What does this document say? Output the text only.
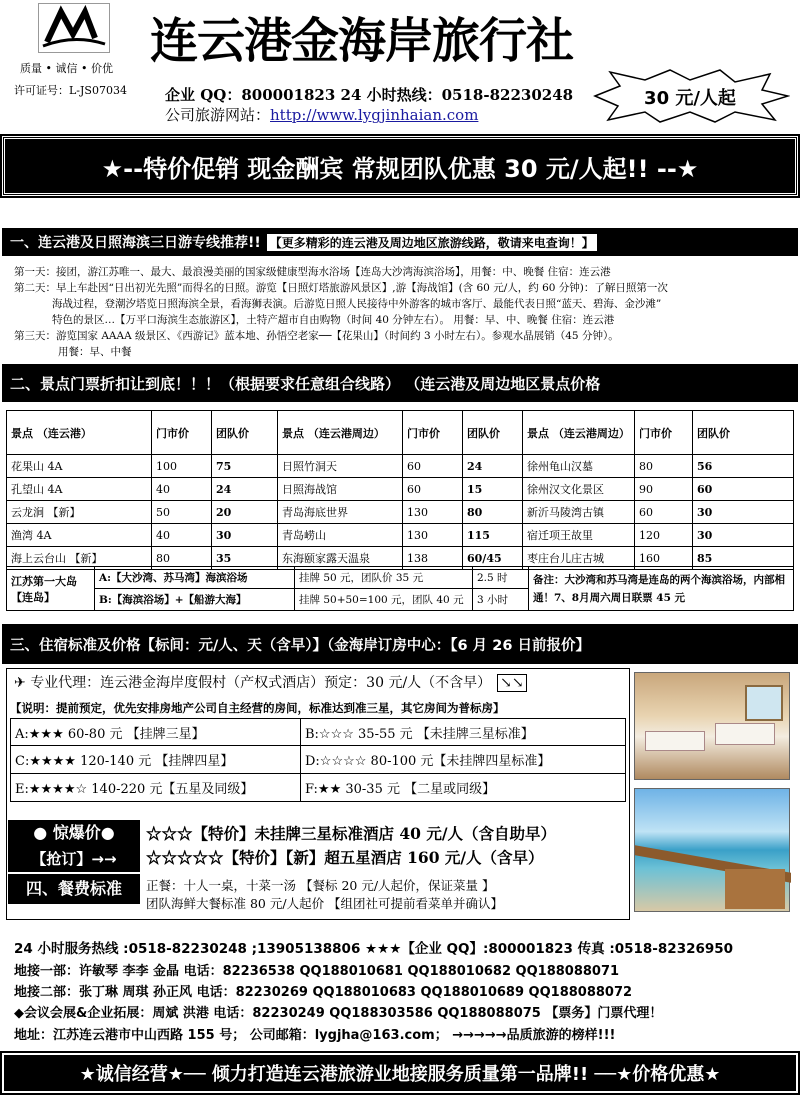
连云港金海岸旅行社
质量 • 诚信 • 价优
许可证号：L-JS07034	企业 QQ：800001823 24 小时热线：0518-82230248
公司旅游网站：http://www.lygjinhaian.com
30 元/人起
★--特价促销 现金酬宾 常规团队优惠 30 元/人起!! --★
一、连云港及日照海滨三日游专线推荐!! 【更多精彩的连云港及周边地区旅游线路，敬请来电查询！】
第一天：接团，游江苏唯一、最大、最浪漫美丽的国家级健康型海水浴场【连岛大沙湾海滨浴场】，用餐：中、晚餐 住宿：连云港
第二天：早上车赴因“日出初光先照”而得名的日照。游览【日照灯塔旅游风景区】,游【海战馆】(含 60 元/人，约 60 分钟)：了解日照第一次
海战过程，登潮汐塔览日照海滨全景，看海狮表演。后游览日照人民接待中外游客的城市客厅、最能代表日照“蓝天、碧海、金沙滩”
特色的景区…【万平口海滨生态旅游区】，土特产超市自由购物（时间 40 分钟左右）。 用餐：早、中、晚餐 住宿：连云港
第三天：游览国家 AAAA 级景区、《西游记》蓝本地、孙悟空老家──【花果山】（时间约 3 小时左右）。参观水晶展销（45 分钟）。
用餐：早、中餐
二、景点门票折扣让到底！！！（根据要求任意组合线路） （连云港及周边地区景点价格
景点 （连云港）	门市价	团队价	景点 （连云港周边）	门市价	团队价	景点 （连云港周边）	门市价	团队价
花果山 4A	100	75	日照竹洞天	60	24	徐州龟山汉墓	80	56
孔望山 4A	40	24	日照海战馆	60	15	徐州汉文化景区	90	60
云龙涧 【新】	50	20	青岛海底世界	130	80	新沂马陵湾古镇	60	30
渔湾 4A	40	30	青岛崂山	130	115	宿迁项王故里	120	30
海上云台山 【新】	80	35	东海颐家露天温泉	138	60/45	枣庄台儿庄古城	160	85
江苏第一大岛【连岛】	A:【大沙湾、苏马湾】海滨浴场	挂牌 50 元，团队价 35 元	2.5 时	备注：大沙湾和苏马湾是连岛的两个海滨浴场，内部相通！7、8月周六周日联票 45 元
	B:【海滨浴场】+【船游大海】	挂牌 50+50=100 元，团队 40 元	3 小时	
三、住宿标准及价格【标间：元/人、天（含早）】（金海岸订房中心：【6 月 26 日前报价】
✈ 专业代理：连云港金海岸度假村（产权式酒店）预定：30 元/人（不含早） ↘↘
【说明：提前预定，优先安排房地产公司自主经营的房间，标准达到准三星，其它房间为普标房】
A:★★★ 60-80 元 【挂牌三星】	B:☆☆☆ 35-55 元 【未挂牌三星标准】
C:★★★★ 120-140 元 【挂牌四星】	D:☆☆☆☆ 80-100 元【未挂牌四星标准】
E:★★★★☆ 140-220 元【五星及同级】	F:★★ 30-35 元 【二星或同级】
● 惊爆价●
【抢订】→→
☆☆☆【特价】未挂牌三星标准酒店 40 元/人（含自助早）
☆☆☆☆☆【特价】【新】超五星酒店 160 元/人（含早）
四、餐费标准	正餐：十人一桌，十菜一汤 【餐标 20 元/人起价，保证菜量 】
团队海鲜大餐标准 80 元/人起价 【组团社可提前看菜单并确认】
24 小时服务热线 :0518-82230248 ;13905138806 ★★★【企业 QQ】:800001823 传真 :0518-82326950
地接一部：许敏琴 李李 金晶 电话：82236538 QQ188010681 QQ188010682 QQ188088071
地接二部：张丁琳 周琪 孙正风 电话：82230269 QQ188010683 QQ188010689 QQ188088072
◆会议会展&企业拓展：周斌 洪港 电话：82230249 QQ188303586 QQ188088075 【票务】门票代理！
地址：江苏连云港市中山西路 155 号； 公司邮箱：lygjha@163.com； →→→→→品质旅游的榜样!!!
★诚信经营★── 倾力打造连云港旅游业地接服务质量第一品牌!! ──★价格优惠★
